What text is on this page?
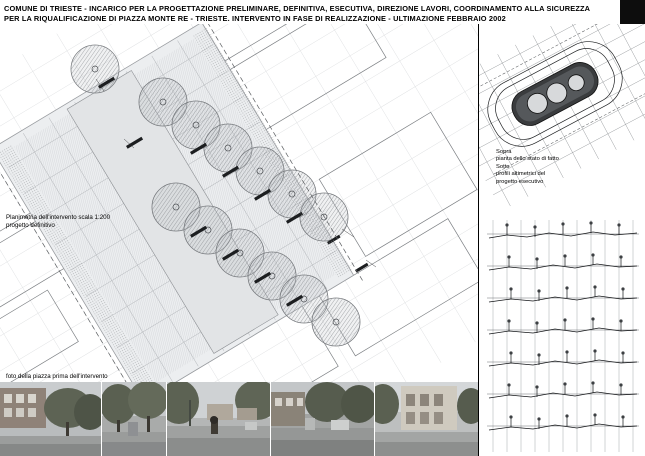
COMUNE DI TRIESTE - INCARICO PER LA PROGETTAZIONE PRELIMINARE, DEFINITIVA, ESECUTIVA, DIREZIONE LAVORI, COORDINAMENTO ALLA SICUREZZA
PER LA RIQUALIFICAZIONE DI PIAZZA MONTE RE - TRIESTE. INTERVENTO IN FASE DI REALIZZAZIONE - ULTIMAZIONE FEBBRAIO 2002
Planimetria dell'intervento scala 1:200
progetto definitivo
foto della piazza prima dell'intervento
Sopra
pianta dello stato di fatto
Sotto
profili altimetrici del
progetto esecutivo
